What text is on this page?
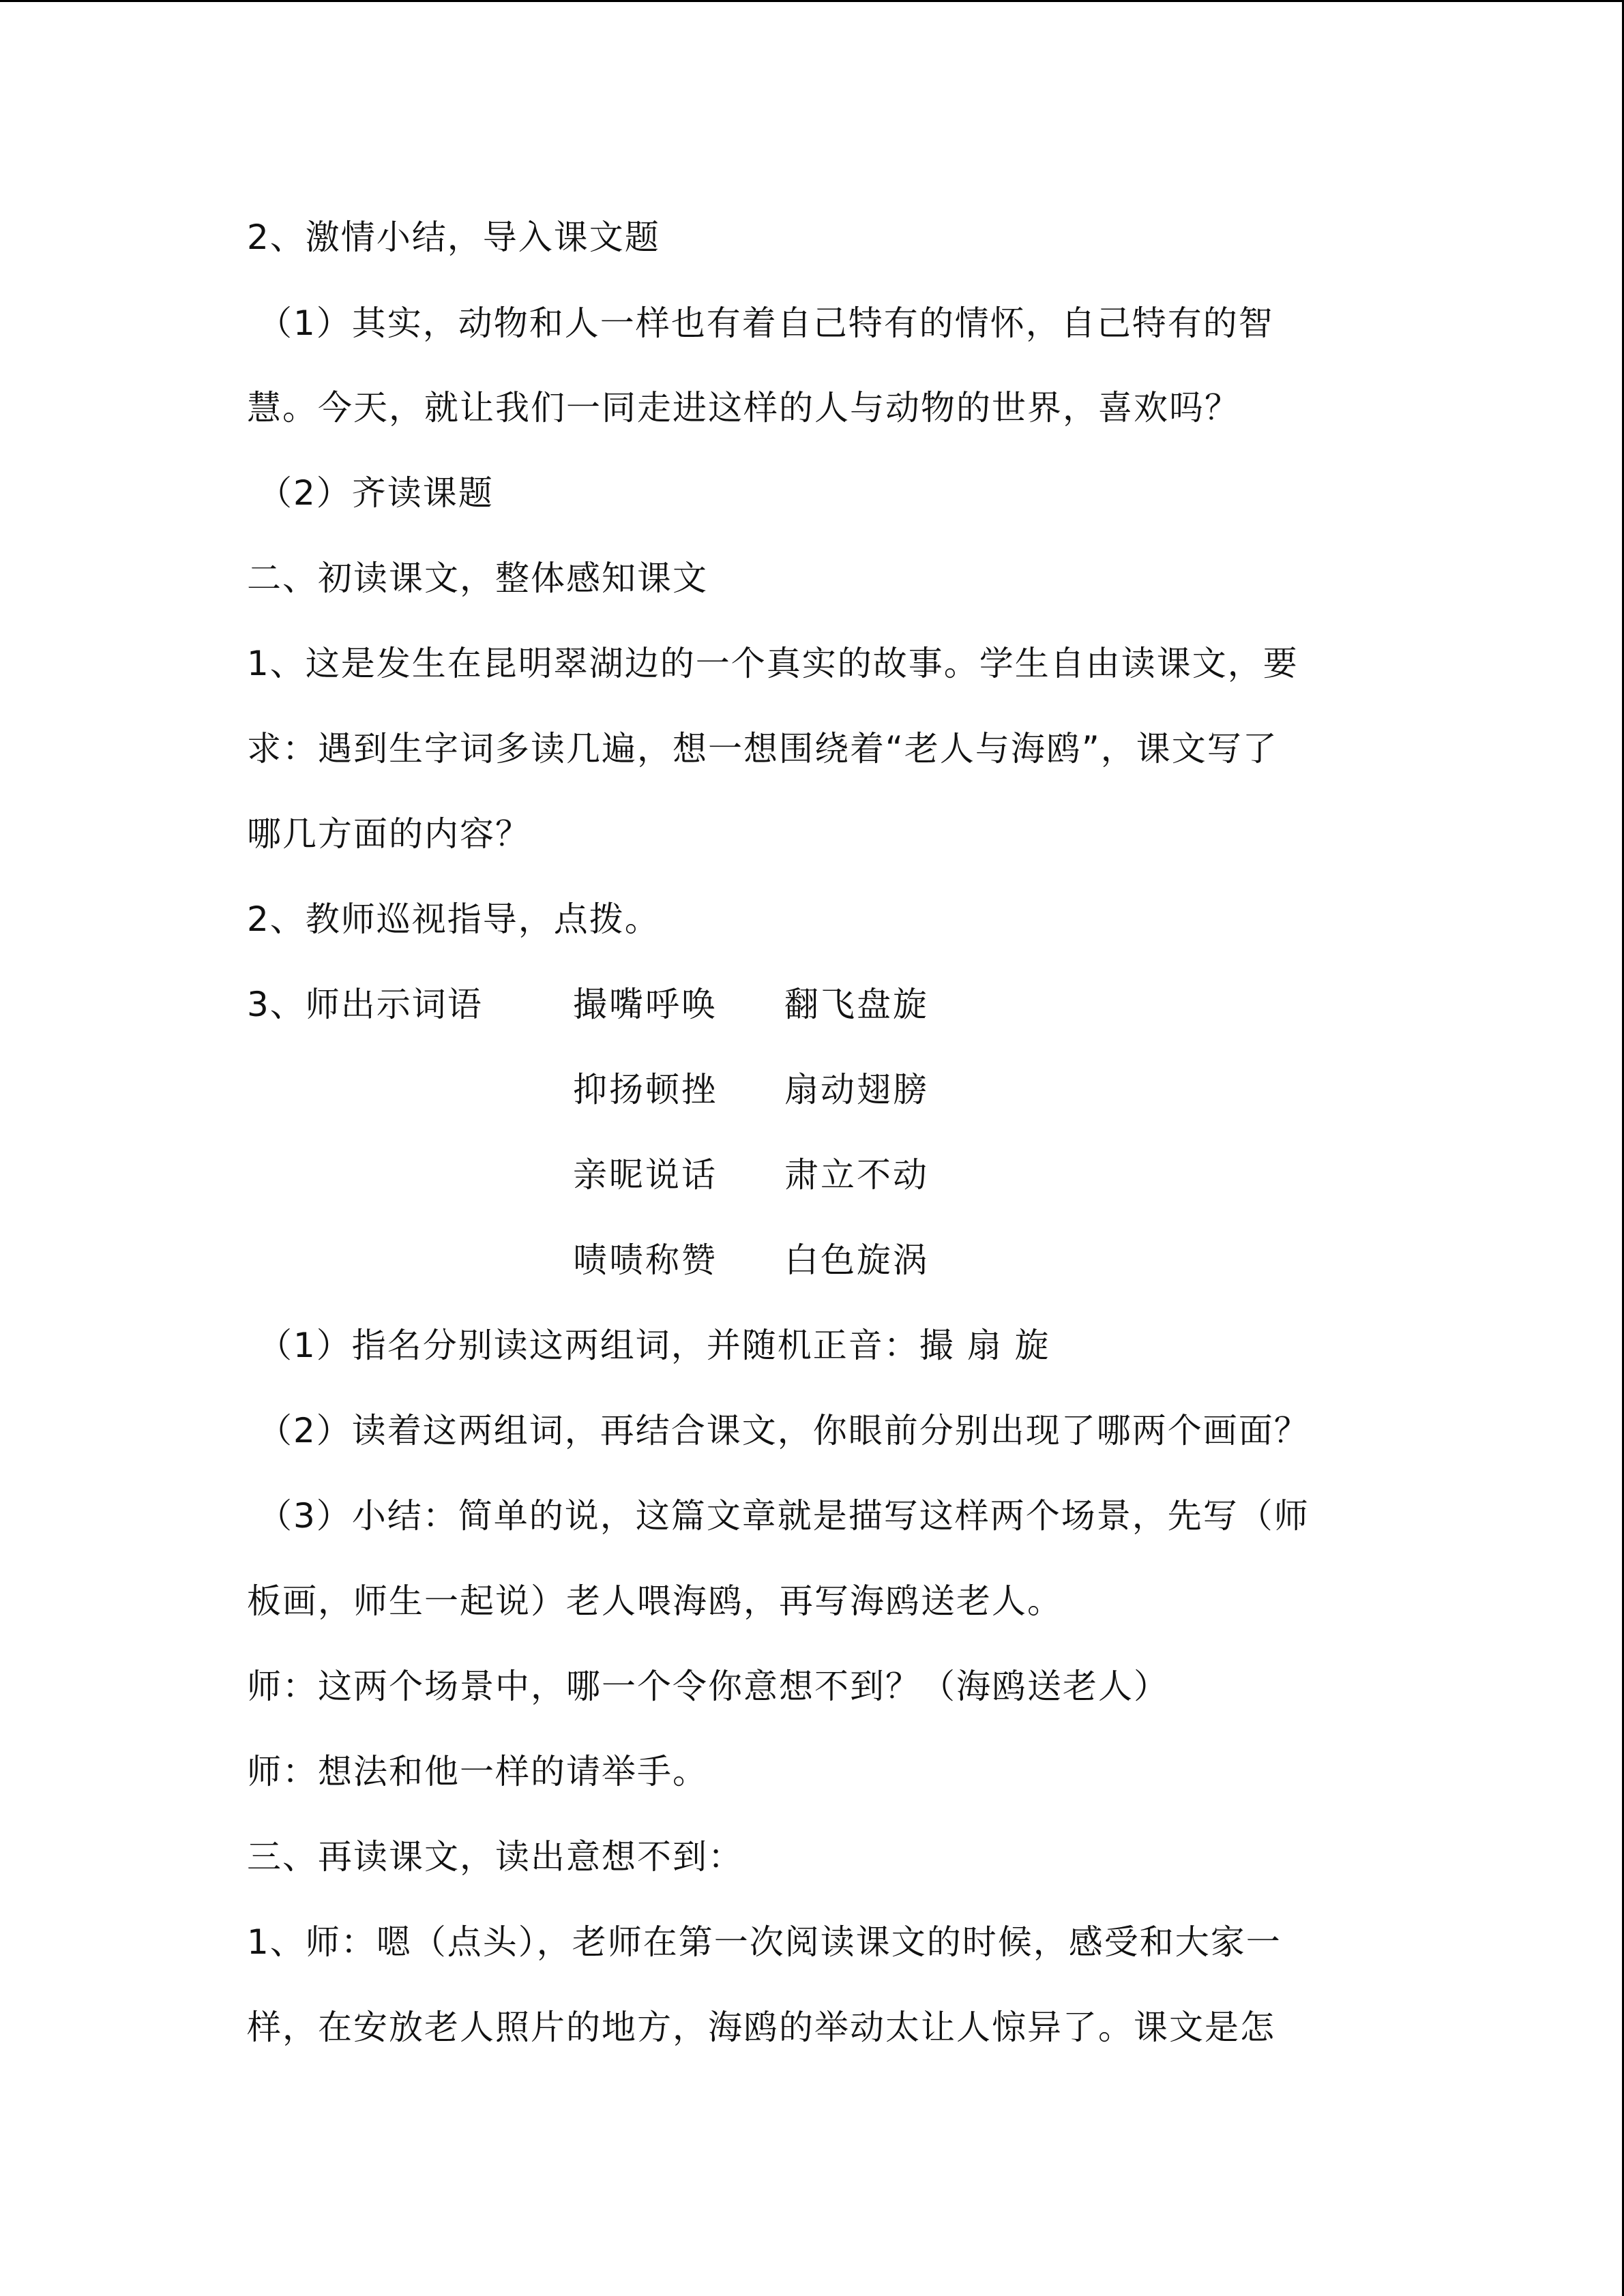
2、激情小结，导入课文题
（1）其实，动物和人一样也有着自己特有的情怀，自己特有的智
慧。今天，就让我们一同走进这样的人与动物的世界，喜欢吗？
（2）齐读课题
二、初读课文，整体感知课文
1、这是发生在昆明翠湖边的一个真实的故事。学生自由读课文，要
求：遇到生字词多读几遍，想一想围绕着“老人与海鸥”，课文写了
哪几方面的内容？
2、教师巡视指导，点拨。
3、师出示词语	撮嘴呼唤 翻飞盘旋
抑扬顿挫 扇动翅膀
亲昵说话 肃立不动
啧啧称赞 白色旋涡
（1）指名分别读这两组词，并随机正音：撮 扇 旋
（2）读着这两组词，再结合课文，你眼前分别出现了哪两个画面？
（3）小结：简单的说，这篇文章就是描写这样两个场景，先写（师
板画，师生一起说）老人喂海鸥，再写海鸥送老人。
师：这两个场景中，哪一个令你意想不到？（海鸥送老人）
师：想法和他一样的请举手。
三、再读课文，读出意想不到：
1、师：嗯（点头），老师在第一次阅读课文的时候，感受和大家一
样，在安放老人照片的地方，海鸥的举动太让人惊异了。课文是怎
